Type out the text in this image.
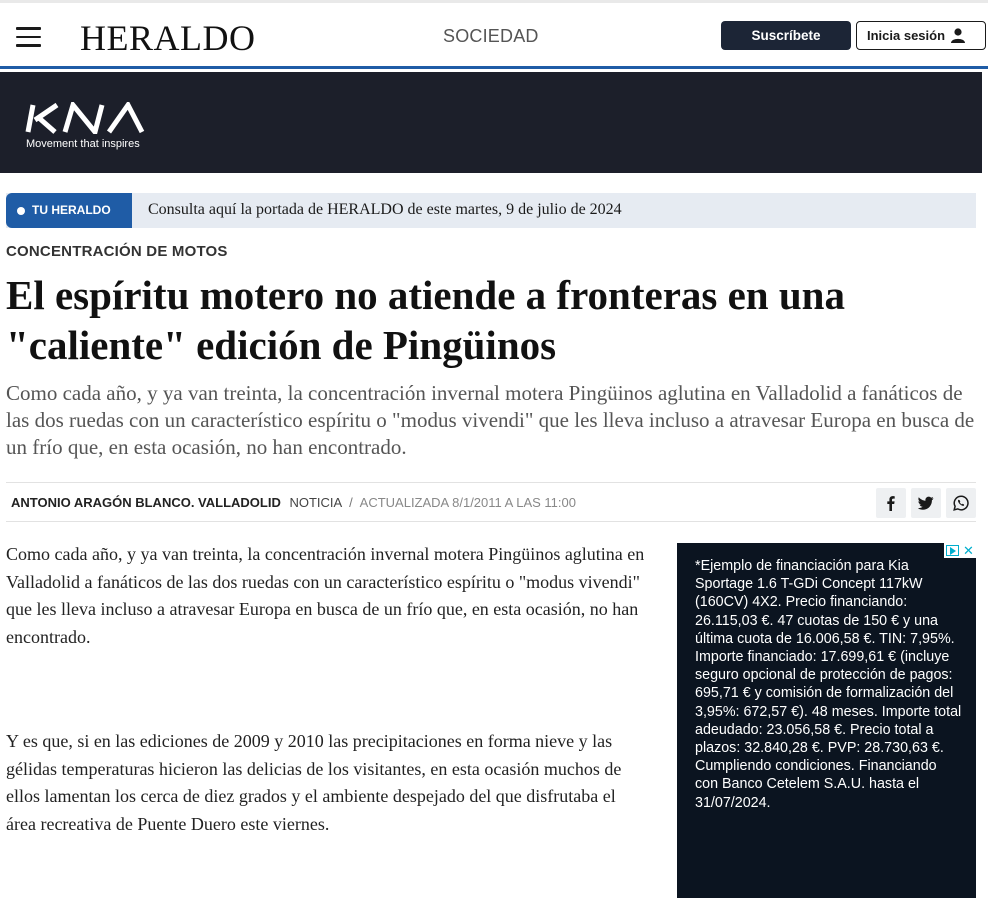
HERALDO	SOCIEDAD	Suscríbete	Inicia sesión
Movement that inspires
TU HERALDO	Consulta aquí la portada de HERALDO de este martes, 9 de julio de 2024
CONCENTRACIÓN DE MOTOS
El espíritu motero no atiende a fronteras en una "caliente" edición de Pingüinos

Como cada año, y ya van treinta, la concentración invernal motera Pingüinos aglutina en Valladolid a fanáticos de las dos ruedas con un característico espíritu o "modus vivendi" que les lleva incluso a atravesar Europa en busca de un frío que, en esta ocasión, no han encontrado.

ANTONIO ARAGÓN BLANCO. VALLADOLID NOTICIA / ACTUALIZADA 8/1/2011 A LAS 11:00

Como cada año, y ya van treinta, la concentración invernal motera Pingüinos aglutina en Valladolid a fanáticos de las dos ruedas con un característico espíritu o "modus vivendi" que les lleva incluso a atravesar Europa en busca de un frío que, en esta ocasión, no han encontrado.

Y es que, si en las ediciones de 2009 y 2010 las precipitaciones en forma nieve y las gélidas temperaturas hicieron las delicias de los visitantes, en esta ocasión muchos de ellos lamentan los cerca de diez grados y el ambiente despejado del que disfrutaba el área recreativa de Puente Duero este viernes.

✕
*Ejemplo de financiación para Kia Sportage 1.6 T-GDi Concept 117kW (160CV) 4X2. Precio financiando: 26.115,03 €. 47 cuotas de 150 € y una última cuota de 16.006,58 €. TIN: 7,95%. Importe financiado: 17.699,61 € (incluye seguro opcional de protección de pagos: 695,71 € y comisión de formalización del 3,95%: 672,57 €). 48 meses. Importe total adeudado: 23.056,58 €. Precio total a plazos: 32.840,28 €. PVP: 28.730,63 €. Cumpliendo condiciones. Financiando con Banco Cetelem S.A.U. hasta el 31/07/2024.
